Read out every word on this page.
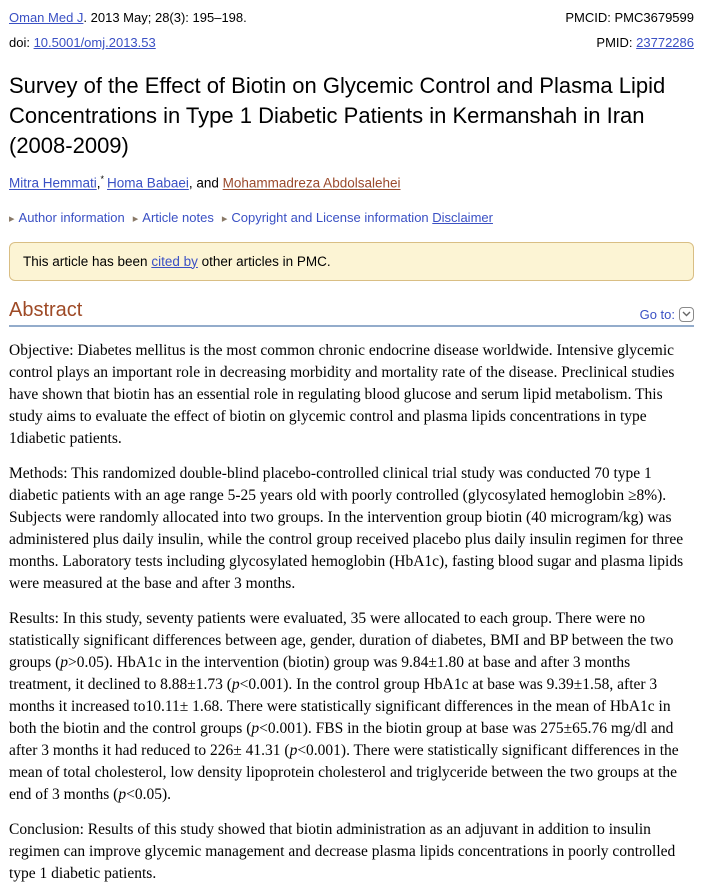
Oman Med J. 2013 May; 28(3): 195–198.
doi: 10.5001/omj.2013.53
PMCID: PMC3679599
PMID: 23772286
Survey of the Effect of Biotin on Glycemic Control and Plasma Lipid Concentrations in Type 1 Diabetic Patients in Kermanshah in Iran (2008-2009)
Mitra Hemmati,* Homa Babaei, and Mohammadreza Abdolsalehei
▸ Author information ▸ Article notes ▸ Copyright and License information Disclaimer
This article has been cited by other articles in PMC.
Abstract	Go to:

Objective: Diabetes mellitus is the most common chronic endocrine disease worldwide. Intensive glycemic control plays an important role in decreasing morbidity and mortality rate of the disease. Preclinical studies have shown that biotin has an essential role in regulating blood glucose and serum lipid metabolism. This study aims to evaluate the effect of biotin on glycemic control and plasma lipids concentrations in type 1diabetic patients.

Methods: This randomized double-blind placebo-controlled clinical trial study was conducted 70 type 1 diabetic patients with an age range 5-25 years old with poorly controlled (glycosylated hemoglobin ≥8%). Subjects were randomly allocated into two groups. In the intervention group biotin (40 microgram/kg) was administered plus daily insulin, while the control group received placebo plus daily insulin regimen for three months. Laboratory tests including glycosylated hemoglobin (HbA1c), fasting blood sugar and plasma lipids were measured at the base and after 3 months.

Results: In this study, seventy patients were evaluated, 35 were allocated to each group. There were no statistically significant differences between age, gender, duration of diabetes, BMI and BP between the two groups (p>0.05). HbA1c in the intervention (biotin) group was 9.84±1.80 at base and after 3 months treatment, it declined to 8.88±1.73 (p<0.001). In the control group HbA1c at base was 9.39±1.58, after 3 months it increased to10.11± 1.68. There were statistically significant differences in the mean of HbA1c in both the biotin and the control groups (p<0.001). FBS in the biotin group at base was 275±65.76 mg/dl and after 3 months it had reduced to 226± 41.31 (p<0.001). There were statistically significant differences in the mean of total cholesterol, low density lipoprotein cholesterol and triglyceride between the two groups at the end of 3 months (p<0.05).

Conclusion: Results of this study showed that biotin administration as an adjuvant in addition to insulin regimen can improve glycemic management and decrease plasma lipids concentrations in poorly controlled type 1 diabetic patients.
